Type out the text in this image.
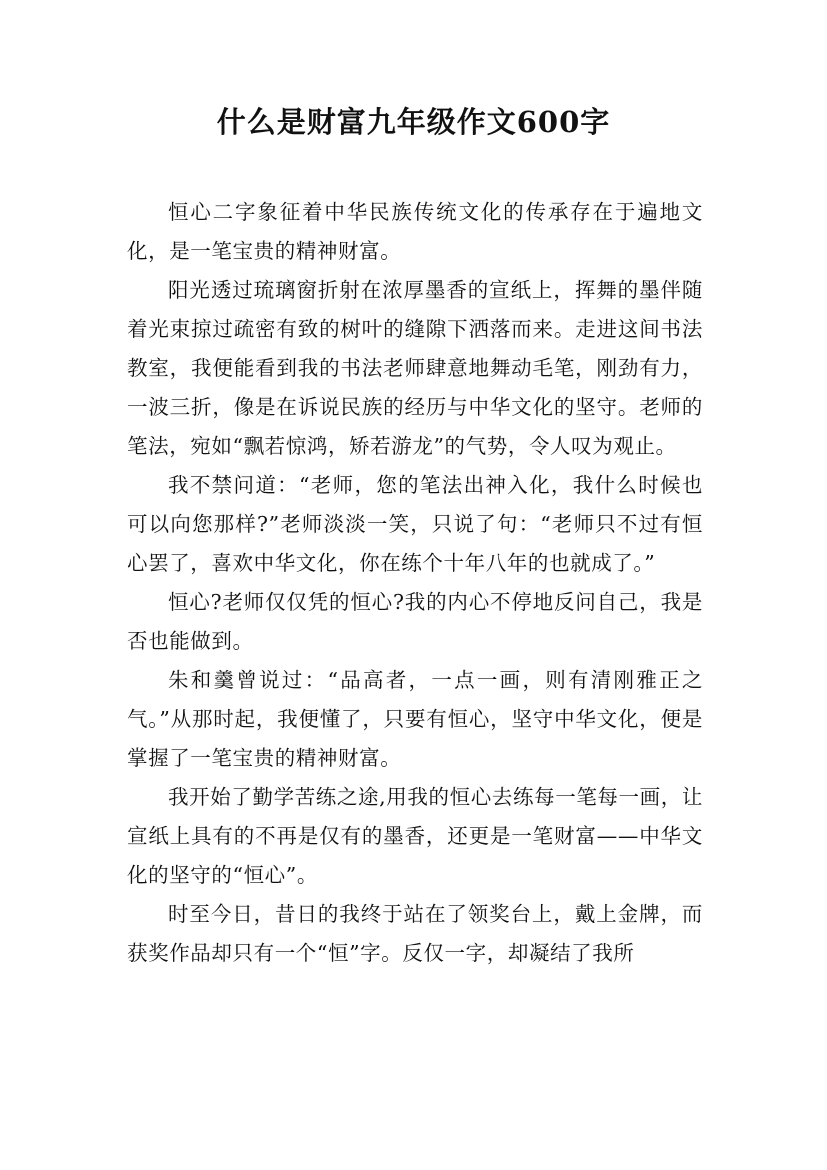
什么是财富九年级作文600字

恒心二字象征着中华民族传统文化的传承存在于遍地文化，是一笔宝贵的精神财富。

阳光透过琉璃窗折射在浓厚墨香的宣纸上，挥舞的墨伴随着光束掠过疏密有致的树叶的缝隙下洒落而来。走进这间书法教室，我便能看到我的书法老师肆意地舞动毛笔，刚劲有力，一波三折，像是在诉说民族的经历与中华文化的坚守。老师的笔法，宛如“飘若惊鸿，矫若游龙”的气势，令人叹为观止。

我不禁问道：“老师，您的笔法出神入化，我什么时候也可以向您那样?”老师淡淡一笑，只说了句：“老师只不过有恒心罢了，喜欢中华文化，你在练个十年八年的也就成了。”

恒心?老师仅仅凭的恒心?我的内心不停地反问自己，我是否也能做到。

朱和羹曾说过：“品高者，一点一画，则有清刚雅正之气。”从那时起，我便懂了，只要有恒心，坚守中华文化，便是掌握了一笔宝贵的精神财富。

我开始了勤学苦练之途,用我的恒心去练每一笔每一画，让宣纸上具有的不再是仅有的墨香，还更是一笔财富——中华文化的坚守的“恒心”。

时至今日，昔日的我终于站在了领奖台上，戴上金牌，而获奖作品却只有一个“恒”字。反仅一字，却凝结了我所
